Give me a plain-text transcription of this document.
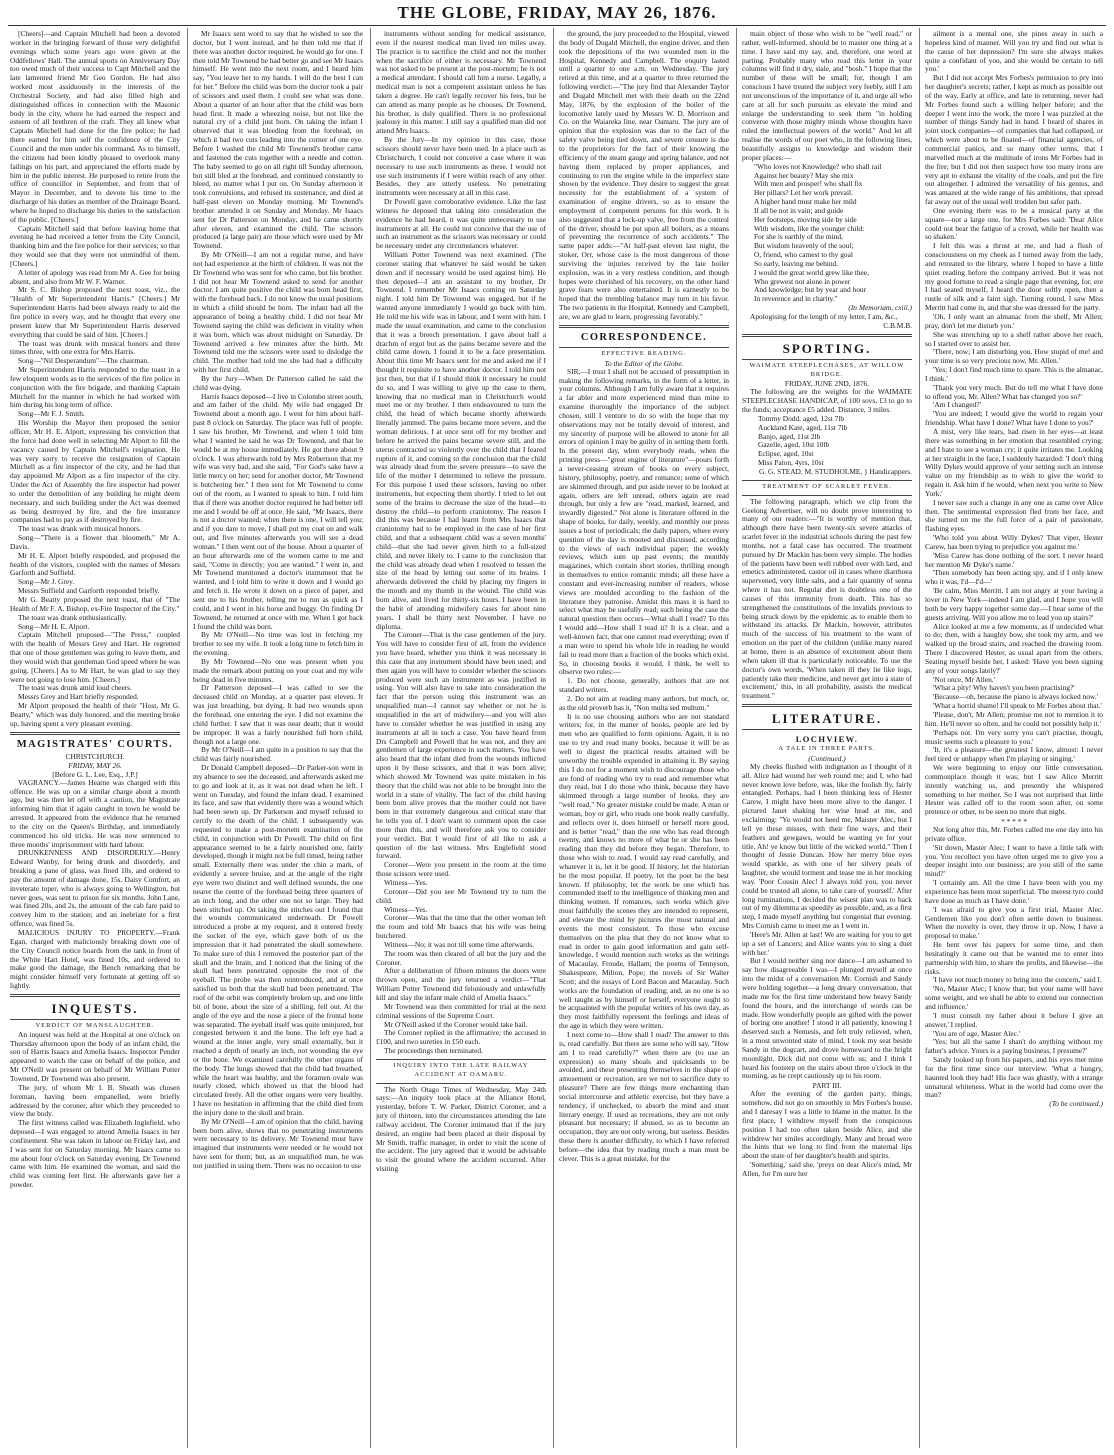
THE GLOBE, FRIDAY, MAY 26, 1876.

[Cheers]—and Captain Mitchell had been a devoted worker in the bringing forward of those very delightful evenings which some years ago were given at the Oddfellows' Hall. The annual sports on Anniversary Day too owed much of their success to Capt Mitchell and the late lamented friend Mr Geo Gordon. He had also worked most assiduously in the interests of the Orchestral Society, and had also filled high and distinguished offices in connection with the Masonic body in the city, where he had earned the respect and esteem of all brethren of the craft. They all knew what Captain Mitchell had done for the fire police; he had there earned for him self the confidence of the City Council and the men under his command. As to himself, the citizens had been kindly pleased to overlook many failings on his part, and appreciated the efforts made by him in the public interest. He purposed to retire from the office of councillor in September, and from that of Mayor in December, and to devote his time to the discharge of his duties as member of the Drainage Board, where he hoped to discharge his duties to the satisfaction of the public. [Cheers.]

Captain Mitchell said that before leaving home that evening he had received a letter from the City Council, thanking him and the fire police for their services; so that they would see that they were not unmindful of them. [Cheers.]

A letter of apology was read from Mr A. Gee for being absent, and also from Mr W. F. Warner.

Mr S. C. Bishop proposed the next toast, viz., the "Health of Mr Superintendent Harris." [Cheers.] Mr Superintendent Harris had been always ready to aid the fire police in every way, and he thought that every one present knew that Mr Superintendent Harris deserved everything that could be said of him. [Cheers.]

The toast was drunk with musical honors and three times three, with one extra for Mrs Harris.

Song—"Nil Desperandum"—The chairman.

Mr Superintendent Harris responded to the toast in a few eloquent words as to the services of the fire police in conjunction with the fire brigade, and thanking Captain Mitchell for the manner in which he had worked with him during his long term of office.

Song—Mr F. J. Smith.

His Worship the Mayor then proposed the senior officer, Mr H. E. Alport, expressing his conviction that the force had done well in selecting Mr Alport to fill the vacancy caused by Captain Mitchell's resignation. He was very sorry to receive the resignation of Captain Mitchell as a fire inspector of the city, and he had that day appointed Mr Alport as a fire inspector of the city. Under the Act of Assembly the fire inspector had power to order the demolition of any building he might deem necessary, and such building under the Act was deemed as being destroyed by fire, and the fire insurance companies had to pay as if destroyed by fire.

The toast was drank with musical honors.

Song—"There is a flower that bloometh," Mr A. Davis.

Mr H. E. Alport briefly responded, and proposed the health of the visitors, coupled with the names of Messrs Garforth and Suffield.

Song—Mr J. Grey.

Messrs Suffield and Garforth responded briefly.

Mr G. Beatty proposed the next toast, that of "The Health of Mr F. A. Bishop, ex-Fire Inspector of the City."

The toast was drank enthusiastically.

Song—Mr H. E. Alport.

Captain Mitchell proposed—"The Press," coupled with the health of Messrs Grey and Hart. He regretted that one of those gentlemen was going to leave them, and they would wish that gentleman God speed where he was going. [Cheers.] As to Mr Hart, he was glad to say they were not going to lose him. [Cheers.]

The toast was drunk amid loud cheers.

Messrs Grey and Hart briefly responded.

Mr Alport proposed the health of their "Host, Mr G. Beatty," which was duly honored, and the meeting broke up, having spent a very pleasant evening.

MAGISTRATES' COURTS.
CHRISTCHURCH.
FRIDAY, MAY 26.
[Before G. L. Lee, Esq., J.P.]

VAGRANCY.—James Hearne was charged with this offence. He was up on a similar charge about a month ago, but was then let off with a caution, the Magistrate informing him that if again caught in town he would be arrested. It appeared from the evidence that he returned to the city on the Queen's Birthday, and immediately commenced his old tricks. He was now sentenced to three months' imprisonment with hard labour.

DRUNKENNESS AND DISORDERLY.—Henry Edward Wanby, for being drunk and disorderly, and breaking a pane of glass, was fined 10s, and ordered to pay the amount of damage done, 15s. Daisy Comfort, an inveterate toper, who is always going to Wellington, but never goes, was sent to prison for six months. John Lane, was fined 20s, and 2s, the amount of the cab fare paid to convey him to the station; and an inebriate for a first offence, was fined 5s.

MALICIOUS INJURY TO PROPERTY.—Frank Egan, charged with maliciously breaking down one of the City Council notice boards from the tank in front of the White Hart Hotel, was fined 10s, and ordered to make good the damage, the Bench remarking that he might consider himself very fortunate at getting off so lightly.

INQUESTS.
VERDICT OF MANSLAUGHTER.

An inquest was held at the Hospital at one o'clock on Thursday afternoon upon the body of an infant child, the son of Harris Isaacs and Amelia Isaacs. Inspector Pender appeared to watch the case on behalf of the police, and Mr O'Neill was present on behalf of Mr William Potter Townend. Dr Townend was also present.

The jury, of whom Mr I. B. Sheath was chosen foreman, having been empanelled, were briefly addressed by the coroner, after which they proceeded to view the body.

The first witness called was Elizabeth Inglefield, who deposed—I was engaged to attend Amelia Isaacs in her confinement. She was taken in labour on Friday last, and I was sent for on Saturday morning. Mr Isaacs came to me about four o'clock on Saturday evening. Dr Townend came with him. He examined the woman, and said the child was coming feet first. He afterwards gave her a powder.

Mr Isaacs sent word to say that he wished to see the doctor, but I went instead, and he then told me that if there was another doctor required, he would go for one. I then told Mr Townend he had better go and see Mr Isaacs himself. He went into the next room, and I heard him say, "You leave her to my hands. I will do the best I can for her." Before the child was born the doctor took a pair of scissors and used them. I could see what was done. About a quarter of an hour after that the child was born head first. It made a wheezing noise, but not like the natural cry of a child just born. On taking the infant I observed that it was bleeding from the forehead, on which it had two cuts leading into the corner of one eye. Before I washed the child Mr Townend's brother came and fastened the cuts together with a needle and cotton. The baby seemed to go on all right till Sunday afternoon, but still bled at the forehead, and continued constantly to bleed, no matter what I put on. On Sunday afternoon it took convulsions, and refused its sustenance, and died at half-past eleven on Monday morning. Mr Townend's brother attended it on Sunday and Monday. Mr Isaacs sent for Dr Patterson on Monday, and he came shortly after eleven, and examined the child. The scissors produced (a large pair) are those which were used by Mr Townend.

By Mr O'Neill—I am not a regular nurse, and have not had experience at the birth of children. It was not the Dr Townend who was sent for who came, but his brother. I did not hear Mr Townend asked to send for another doctor. I am quite positive the child was born head first, with the forehead back. I do not know the usual positions in which a child should be born. The infant had all the appearance of being a healthy child. I did not hear Mr Townend saying the child was deficient in vitality when it was born, which was about midnight on Saturday. Dr Townend arrived a few minutes after the birth. Mr Townend told me the scissors were used to dislodge the child. The mother had told me she had had a difficulty with her first child.

By the Jury—When Dr Patterson called he said the child was dying.

Harris Isaacs deposed—I live in Colombo street south, and am father of the child. My wife had engaged Dr Townend about a month ago. I went for him about half-past 8 o'clock on Saturday. The place was full of people. I saw his brother, Mr Townend, and when I told him what I wanted he said he was Dr Townend, and that he would be at my house immediately. He got there about 9 o'clock. I was afterwards told by Mrs Robertson that my wife was very bad, and she said, "For God's sake have a little mercy on her; send for another doctor, Mr Townend is butchering her." I then sent for Mr Townend to come out of the room, as I wanted to speak to him. I told him that if there was another doctor required he had better tell me and I would be off at once. He said, "Mr Isaacs, there is not a doctor wanted; when there is one, I will tell you; and if you dare to move, I shall put my coat on and walk out, and five minutes afterwards you will see a dead woman." I then went out of the house. About a quarter of an hour afterwards one of the women came to me and said, "Come in directly; you are wanted." I went in, and Mr Townend mentioned a doctor's instrument that he wanted, and I told him to write it down and I would go and fetch it. He wrote it down on a piece of paper, and sent me to his brother, telling me to run as quick as I could, and I went in his horse and buggy. On finding Dr Townend, he returned at once with me. When I got back I found the child was born.

By Mr O'Neill—No time was lost in fetching my brother to see my wife. It took a long time to fetch him in the evening.

By Mr Townend—No one was present when you made the remark about putting on your coat and my wife being dead in five minutes.

Dr Patterson deposed—I was called to see the deceased child on Monday, at a quarter past eleven. It was just breathing, but dying. It had two wounds upon the forehead, one entering the eye. I did not examine the child further. I saw that it was near death; that it would be improper. It was a fairly nourished full born child, though not a large one.

By Mr O'Neill—I am quite in a position to say that the child was fairly nourished.

Dr Donald Campbell deposed—Dr Parker-son went in my absence to see the deceased, and afterwards asked me to go and look at it, as it was not dead when he left. I went on Tuesday, and found the infant dead. I examined its face, and saw that evidently there was a wound which had been sewn up. Dr Parkerson and myself refused to certify to the death of the child. I subsequently was requested to make a post-mortem examination of the child, in conjunction with Dr Powell. The child on first appearance seemed to be a fairly nourished one, fairly developed, though it might not be full timed, being rather small. Externally there was under the chin a mark, of evidently a severe bruise, and at the angle of the right eye were two distinct and well defined wounds, the one nearer the centre of the forehead being three quarters of an inch long, and the other one not so large. They had been stitched up. On taking the stitches out I found that the wounds communicated underneath. Dr Powell introduced a probe at my request, and it entered freely the socket of the eye, which gave both of us the impression that it had penetrated the skull somewhere. To make sure of this I removed the posterior part of the skull and the brain, and I noticed that the lining of the skull had been penetrated opposite the root of the eyeball. The probe was then reintroduced, and at once satisfied us both that the skull had been penetrated. The roof of the orbit was completely broken up, and one little bit of bone, about the size of a shilling, fell out. At the angle of the eye and the nose a piece of the frontal bone was separated. The eyeball itself was quite uninjured, but congested between it and the bone. The left eye had a wound at the inner angle, very small externally, but it reached a depth of nearly an inch, not wounding the eye or the bone. We examined carefully the other organs of the body. The lungs showed that the child had breathed, while the heart was healthy, and the foramen ovale was nearly closed, which showed us that the blood had circulated freely. All the other organs were very healthy. I have no hesitation in affirming that the child died from the injury done to the skull and brain.

By Mr O'Neill—I am of opinion that the child, having been born alive, shows that no penetrating instruments were necessary to its delivery. Mr Townend must have imagined that instruments were needed or he would not have sent for them; but, as an unqualified man, he was not justified in using them. There was no occasion to use

instruments without sending for medical assistance, even if the nearest medical man lived ten miles away. The practice is to sacrifice the child and not the mother when the sacrifice of either is necessary. Mr Townend was not asked to be present at the post-mortem; he is not a medical attendant. I should call him a nurse. Legally, a medical man is not a competent assistant unless he has taken a degree. He can't legally recover his fees, but he can attend as many people as he chooses. Dr Townend, his brother, is duly qualified. There is no professional jealousy in this matter. I still say a qualified man did not attend Mrs Isaacs.

By the Jury—In my opinion in this case, those scissors should never have been used. In a place such as Christchurch, I could not conceive a case where it was necessary to use such instruments as these. I would not use such instruments if I were within reach of any other. Besides, they are utterly useless. No penetrating instruments were necessary at all in this case.

Dr Powell gave corroborative evidence. Like the last witness he deposed that taking into consideration the evidence he had heard, it was quite unnecessary to use instruments at all. He could not conceive that the use of such an instrument as the scissors was necessary or could be necessary under any circumstances whatever.

William Potter Townend was next examined. (The coroner stating that whatever he said would be taken down and if necessary would be used against him). He then deposed—I am an assistant to my brother, Dr Townend. I remember Mr Isaacs coming on Saturday night. I told him Dr Townend was engaged, but if he wanted anyone immediately I would go back with him. He told me his wife was in labour, and I went with him. I made the usual examination, and came to the conclusion that it was a breech presentation. I gave about half a drachm of ergot but as the pains became severe and the child came down, I found it to be a face presentation. About this time Mr Isaacs sent for me and asked me if I thought it requisite to have another doctor. I told him not just then, but that if I should think it necessary he could do so, and I was willing to give up the case to them, knowing that no medical man in Christchurch would meet me or my brother. I then endeavoured to turn the child, the head of which became shortly afterwards literally jammed. The pains became more severe, and the woman delirious. I at once sent off for my brother and before he arrived the pains became severe still, and the uterus contracted so violently over the child that I feared rupture of it, and coming to the conclusion that the child was already dead from the severe pressure—to save the life of the mother I determined to relieve the pressure. For this purpose I used these scissors, having no other instruments, but expecting them shortly. I tried to let out some of the brains to decrease the size of the head—to destroy the child—to perform craniotomy. The reason I did this was because I had learnt from Mrs Isaacs that craniotomy had to be employed in the case of her first child, and that a subsequent child was a seven months' child—that she had never given birth to a full-sized child, and never likely to. I came to the conclusion that the child was already dead when I resolved to lessen the size of the head by letting out some of its brains. I afterwards delivered the child by placing my fingers in the mouth and my thumb in the wound. The child was born alive, and lived for thirty-six hours. I have been in the habit of attending midwifery cases for about nine years. I shall be thirty next November. I have no diploma.

The Coroner—That is the case gentlemen of the jury. You will have to consider first of all, from the evidence you have heard, whether you think it was necessary in this case that any instrument should have been used; and then again you will have to consider whether the scissors produced were such an instrument as was justified in using. You will also have to take into consideration the fact that the person using this instrument was an unqualified man—I cannot say whether or not he is unqualified in the art of midwifery—and you will also have to consider whether he was justified in using any instruments at all in such a case. You have heard from Drs Campbell and Powell that he was not, and they are gentlemen of large experience in such matters. You have also heard that the infant died from the wounds inflicted upon it by those scissors, and that it was born alive; which showed Mr Townend was quite mistaken in his theory that the child was not able to be brought into the world in a state of vitality. The fact of the child having been born alive proves that the mother could not have been in that extremely dangerous and critical state that he tells you of. I don't want to comment upon the case more than this, and will therefore ask you to consider your verdict. But I would first of all like to ask a question of the last witness. Mrs Englefield stood forward.

Coroner—Were you present in the room at the time those scissors were used.

Witness—Yes.

Coroner—Did you see Mr Townend try to turn the child.

Witness—Yes.

Coroner—Was that the time that the other woman left the room and told Mr Isaacs that his wife was being butchered.

Witness—No; it was not till some time afterwards.

The room was then cleared of all but the jury and the Coroner.

After a deliberation of fifteen minutes the doors were thrown open, and the jury returned a verdict—"That William Potter Townend did feloniously and unlawfully kill and slay the infant male child of Amelia Isaacs."

Mr Townend was then committed for trial at the next criminal sessions of the Supreme Court.

Mr O'Neill asked if the Coroner would take bail.

The Coroner replied in the affirmative; the accused in £100, and two sureties in £50 each.

The proceedings then terminated.

INQUIRY INTO THE LATE RAILWAY ACCIDENT AT OAMARU.

The North Otago Times of Wednesday, May 24th says:—An inquiry took place at the Alliance Hotel, yesterday, before T. W. Parker, District Coroner, and a jury of thirteen, into the circumstances attending the late railway accident. The Coroner intimated that if the jury desired, an engine had been placed at their disposal by Mr Smith, traffic manager, in order to visit the scene of the accident. The jury agreed that it would be advisable to visit the ground where the accident occurred. After visiting

the ground, the jury proceeded to the Hospital, viewed the body of Dugald Mitchell, the engine driver, and then took the depositions of the two wounded men in the Hospital, Kennedy and Campbell. The enquiry lasted until a quarter to one a.m. on Wednesday. The jury retired at this time, and at a quarter to three returned the following verdict:—"The jury find that Alexander Taylor and Dugald Mitchell met with their death on the 22nd May, 1876, by the explosion of the boiler of the locomotive lately used by Messrs W. D. Morrison and Co. on the Waiareka line, near Oamaru. The jury are of opinion that the explosion was due to the fact of the safety valve being tied down, and severe censure is due to the proprietors for the fact of their knowing the efficiency of the steam gauge and spring balance, and not having them replaced by proper appliances, and continuing to run the engine while in the imperfect state shown by the evidence. They desire to suggest the great necessity for the establishment of a system of examination of engine drivers, so as to ensure the employment of competent persons for this work. It is also suggested that a lock-up valve, free from the control of the driver, should be put upon all boilers, as a means of preventing the recurrence of such accidents." The same paper adds:—"At half-past eleven last night, the stoker, Orr, whose case is the most dangerous of those surviving the injuries received by the late boiler explosion, was in a very restless condition, and though hopes were cherished of his recovery, on the other hand grave fears were also entertained. It is earnestly to be hoped that the trembling balance may turn in his favor. The two patients in the Hospital, Kennedy and Campbell, are, we are glad to learn, progressing favorably."

CORRESPONDENCE.
EFFECTIVE READING.
To the Editor of the Globe.

SIR,—I trust I shall not be accused of presumption in making the following remarks, in the form of a letter, in your columns. Although I am fully aware that it requires a far abler and more experienced mind than mine to examine thoroughly the importance of the subject chosen, still I venture to do so with the hope that my observations may not be totally devoid of interest, and my sincerity of purpose will be allowed to atone for all errors of opinion I may be guilty of in setting them forth. In the present day, when everybody reads, when the printing press—"great engine of literature"—pours forth a never-ceasing stream of books on every subject, history, philosophy, poetry, and romance; some of which are skimmed through, and put aside never to be looked at again, others are left unread, others again are read through, but only a few are "read, marked, learned, and inwardly digested." Not alone is literature offered in the shape of books, for daily, weekly, and monthly our press issues a host of periodicals; the daily papers, where every question of the day is mooted and discussed, according to the views of each individual paper; the weekly reviews, which sum up past events; the monthly magazines, which contain short stories, thrilling enough in themselves to entice romantic minds; all these have a constant and ever-increasing number of readers, whose views are moulded according to the fashion of the literature they patronise. Amidst this mass it is hard to select what may be usefully read; such being the case the natural question then occurs—What shall I read? To this I would add—How shall I read it? It is a clear, and a well-known fact, that one cannot read everything; even if a man were to spend his whole life in reading he would fail to read more than a fraction of the books which exist. So, in choosing books it would, I think, be well to observe two rules:—

1. Do not choose, generally, authors that are not standard writers.

2. Do not aim at reading many authors, but much, or, as the old proverb has it, "Non multa sed multum."

It is no use choosing authors who are not standard writers; for, in the matter of books, people are led by men who are qualified to form opinions. Again, it is no use to try and read many books, because it will be as well to digest the practical results attained will be unworthy the trouble expended in attaining it. By saying this I do not for a moment wish to discourage those who are fond of reading who try to read and remember what they read, but I do those who think, because they have skimmed through a large number of books, they are "well read." No greater mistake could be made. A man or woman, boy or girl, who reads one book really carefully, and reflects over it, does himself or herself more good, and is better "read," than the one who has read through twenty, and knows no more of what he or she has been reading than they did before they began. Therefore, to those who wish to read, I would say read carefully, and whatever it is, let it be good. If history, let the historian be the most popular. If poetry, let the poet be the best known. If philosophy, let the work be one which has commended itself to the intelligence of thinking men and thinking women. If romances, such works which give most faithfully the scenes they are intended to represent, and elevate the mind by pictures the most natural and events the most consistent. To those who excuse themselves on the plea that they do not know what to read in order to gain good information and gain self-knowledge, I would mention such works as the writings of Macaulay, Froude, Hallam; the poems of Tennyson, Shakespeare, Milton, Pope; the novels of Sir Walter Scott; and the essays of Lord Bacon and Macaulay. Such works are the foundation of reading; and, as no one is so well taught as by himself or herself, everyone ought to be acquainted with the popular writers of his own day, as they most faithfully represent the feelings and ideas of the age in which they were written.

I next come to—How shall I read? The answer to this is, read carefully. But there are some who will say, "How am I to read carefully?" when there are (to use an expression) so many shoals and quicksands to be avoided, and these presenting themselves in the shape of amusement or recreation, are we not to sacrifice duty to pleasure? There are few things more enchanting than social intercourse and athletic exercise, but they have a tendency, if unchecked, to absorb the mind and stunt literary energy. If used as recreations, they are not only pleasant but necessary; if abused, so as to become an occupation, they are not only wrong, but useless. Besides these there is another difficulty, to which I have referred before—the idea that by reading much a man must be clever. This is a great mistake, for the

main object of those who wish to be "well read," or rather, well-informed, should be to master one thing at a time. I have said my say, and, therefore, one word at parting. Probably many who read this letter in your columns will find it dry, stale, and "bosh." I hope that the number of these will be small; for, though I am conscious I have treated the subject very feebly, still I am not unconscious of the importance of it, and urge all who care at all for such pursuits as elevate the mind and enlarge the understanding to seek them "in holding converse with those mighty minds whose thoughts have ruled the intellectual powers of the world." And let all realise the words of our poet who, in the following lines, beautifully assigns to knowledge and wisdom their proper places:—

"Who loves not Knowledge? who shall rail
Against her beauty? May she mix
With men and prosper! who shall fix
Her pillars? Let her work prevail.
A higher hand must make her mild
If all be not in vain; and guide
Her footsteps, moving side by side
With wisdom, like the younger child:
For she is earthly of the mind,
But wisdom heavenly of the soul;
O, friend, who camest to thy goal
So early, leaving me behind.
I would the great world grew like thee,
Who grewest not alone in power
And knowledge; but by year and hour
In reverence and in charity."

(In Memoriam, cxiii.)

Apologising for the length of my letter, I am, &c.,

C.B.M.B.
SPORTING.
WAIMATE STEEPLECHASES, AT WILLOW BRIDGE.
FRIDAY, JUNE 2ND, 1876.

The following are the weights for the WAIMATE STEEPLECHASE HANDICAP, of 100 sovs, £3 to go to the funds; acceptance £5 added. Distance, 3 miles.

Tommy Dodd, aged, 12st 7lb
Auckland Kate, aged, 11st 7lb
Banjo, aged, 11st 2lb
Gazelle, aged, 10st 10lb
Eclipse, aged, 10st
Miss Paton, 4yrs, 10st

G. G. STEAD, M. STUDHOLME, } Handicappers.
TREATMENT OF SCARLET FEVER.

The following paragraph, which we clip from the Geelong Advertiser, will no doubt prove interesting to many of our readers:—"It is worthy of mention that, although there have been twenty-six severe attacks of scarlet fever in the industrial schools during the past few months, not a fatal case has occurred. The treatment pursued by Dr Mackin has been very simple. The bodies of the patients have been well rubbed over with lard, and emetics administered, castor oil in cases where diarrhoea supervened, very little salts, and a fair quantity of senna where it has not. Regular diet is doubtless one of the causes of this immunity from death. This has so strengthened the constitutions of the invalids previous to being struck down by the epidemic as to enable them to withstand its attacks. Dr Mackin, however, attributes much of the success of his treatment to the want of emotion on the part of the children (unlike many reared at home, there is an absence of excitement about them when taken ill that is particularly noticeable. To use the doctor's own words, 'When taken ill they lie like logs, patiently take their medicine, and never get into a state of excitement,' this, in all probability, assists the medical treatment."

LITERATURE.
LOCHVIEW.
A TALE IN THREE PARTS.
(Continued.)

My cheeks flushed with indignation as I thought of it all. Alice had wound her web round me; and I, who had never known love before, was, like the foolish fly, fairly entangled. Perhaps, had I been thinking less of Hester Carew, I might have been more alive to the danger. I pictured Janet shaking her wise head at me, and exclaiming: "Ye would not heed me, Maister Alec, but I tell ye these misses, with their fine ways, and their feathers and gewgaws, would be wanting ye for your title. Ah! ye know but little of the wicked world." Then I thought of Jessie Duncan. How her merry blue eyes would sparkle, as with one of her silvery peals of laughter, she would torment and tease me in her mocking way. 'Poor Cousin Alec! I always told you, you never could be trusted all alone, to take care of yourself.' After long ruminations, I decided the wisest plan was to back out of my dilemma as speedily as possible, and, as a first step, I made myself anything but congenial that evening. Mrs Cornish came to meet me as I went in.

'Here's Mr. Allen at last! We are waiting for you to get up a set of Lancers; and Alice wants you to sing a duet with her.'

But I would neither sing nor dance—I am ashamed to say how disagreeable I was—I plunged myself at once into the midst of a conversation Mr. Cornish and Sandy were holding together—a long dreary conversation, that made me for the first time understand how heavy Sandy found the hours, and the interchange of words can be made. How wonderfully people are gifted with the power of boring one another! I stood it all patiently, knowing I deserved such a Nemesis, and felt truly relieved, when, in a most unwonted state of mind, I took my seat beside Sandy in the dogcart, and drove homeward to the bright moonlight. Dick did not come with us; and I think I heard his footstep on the stairs about three o'clock in the morning, as he crept cautiously up to his room.

PART III.

After the evening of the garden party, things, somehow, did not go on smoothly in Mrs Forbes's house, and I daresay I was a little to blame in the matter. In the first place, I withdrew myself from the conspicuous position I had too often taken beside Alice, and she withdrew her smiles accordingly. Many and broad were the hints that we long to find from the maternal lips about the state of her daughter's health and spirits.

'Something,' said she, 'preys on dear Alice's mind, Mr Allen, for I'm sure her

ailment is a mental one, she pines away in such a hopeless kind of manner. Will you try and find out what is the cause of her depression? I'm sure she always makes quite a confidant of you, and she would be certain to tell you.'

But I did not accept Mrs Forbes's permission to pry into her daughter's secrets; rather, I kept as much as possible out of the way. Early at office, and late in returning, never had Mr Forbes found such a willing helper before; and the deeper I went into the work, the more I was puzzled at the number of things Sandy had in hand. I heard of shares in joint stock companies—of companies that had collapsed, or which were about to be floated—of financial agencies, of commercial panics, and so many other terms, that I marvelled much at the multitude of irons Mr Forbes had in the fire; but I did not then suspect how too many irons are very apt to exhaust the vitality of the coals, and put the fire out altogether. I admired the versatility of his genius, and was amazed at the wide range of his ambitions, that spread far away out of the usual well trodden but safer path.

One evening there was to be a musical party at the square—not a large one, for Mrs Forbes said: 'Dear Alice could not bear the fatigue of a crowd, while her health was so shaken.'

I felt this was a thrust at me, and had a flush of consciousness on my cheek as I turned away from the lady, and retreated to the library, where I hoped to have a little quiet reading before the company arrived. But it was not my good fortune to read a single page that evening, for, ere I had seated myself, I heard the door softly open, then a rustle of silk and a faint sigh. Turning round, I saw Miss Merritt had come in, and that she was dressed for the party.

'Oh, I only want an almanac from the shelf, Mr Allen; pray, don't let me disturb you.'

She was stretching up to a shelf rather above her reach, so I started over to assist her.

'There, now; I am disturbing you. How stupid of me! and your time is so very precious now, Mr. Allen.'

'Yes; I don't find much time to spare. This is the almanac, I think.'

'Thank you very much. But do tell me what I have done to offend you, Mr. Allen? What has changed you so?'

'Am I changed?'

'You are indeed; I would give the world to regain your friendship. What have I done? What have I done to you?'

A mist, very like tears, had risen in her eyes—at least there was something in her emotion that resembled crying; and I hate to see a woman cry; it quite irritates me. Looking at her straight in the face, I suddenly hazarded: 'I don't thing Willy Dykes would approve of your setting such an intense value on my friendship as to wish to give the world to regain it. Ask him if he would, when next you write to New York.'

I never saw such a change in any one as came over Alice then. The sentimental expression fled from her face, and she turned on me the full force of a pair of passionate, flashing eyes.

'Who told you about Willy Dykes? That viper, Hester Carew, has been trying to prejudice you against me.'

'Miss Carew has done nothing of the sort. I never heard her mention Mr Dyke's name.'

'Then somebody has been acting spy, and if I only knew who it was, I'd—I'd—'

'Be calm, Miss Merritt. I am not angry at your having a lover in New York—indeed I am glad, and I hope you will both be very happy together some day.—I hear some of the guests arriving. Will you allow me to lead you up stairs?'

Alice looked at me a few moments, as if undecided what to do; then, with a haughty bow, she took my arm, and we walked up the broad stairs, and reached the drawing room. There I discovered Hester, as usual apart from the others. Seating myself beside her, I asked: 'Have you been signing any of your songs lately?'

'Not once, Mr Allen.'

'What a pity! Why haven't you been practising?'

'Because—oh, because the piano is always locked now.'

'What a horrid shame! I'll speak to Mr Forbes about that.'

'Please, don't, Mr Allen; promise me not to mention it to him. He'll never so often, and he could not possibly help it.'

'Perhaps not. I'm very sorry you can't practise, though, music seems such a pleasure to you.'

'It, it's a pleasure—the greatest I know, almost: I never feel tired or unhappy when I'm playing or singing.'

We were beginning to enjoy our little conversation, commonplace though it was; but I saw Alice Merritt intently watching us, and presently she whispered something to her mother. So I was not surprised that little Hester was called off to the room soon after, on some pretence or other, to be seen no more that night.

* * * * *

Not long after this, Mr. Forbes called me one day into his private office.

'Sit down, Master Alec; I want to have a little talk with you. You recollect you have often urged me to give you a deeper insight into our business; are you still of the same mind?'

'I certainly am. All the time I have been with you my experience has been most superficial. The merest tyro could have done as much as I have done.'

'I was afraid to give you a first trial, Master Alec. Gentlemen like you don't often settle down to business. When the novelty is over, they throw it up. Now, I have a proposal to make.'

He bent over his papers for some time, and then hesitatingly it came out that he wanted me to enter into partnership with him, to share the profits, and likewise—the risks.

'I have not much money to bring into the concern,' said I.

'No, Master Alec; I know that; but your name will have some weight, and we shall be able to extend our connection and influence.'

'I must consult my father about it before I give an answer,' I replied.

'You are of age, Master Alec.'

'Yes; but all the same I shan't do anything without my father's advice. Yours is a paying business, I presume?'

Sandy looked up from his papers, and his eyes met mine for the first time since our interview. 'What a hungry, haunted look they had! His face was ghastly, with a strange unnatural whiteness. What in the world had come over the man?

(To be continued.)
